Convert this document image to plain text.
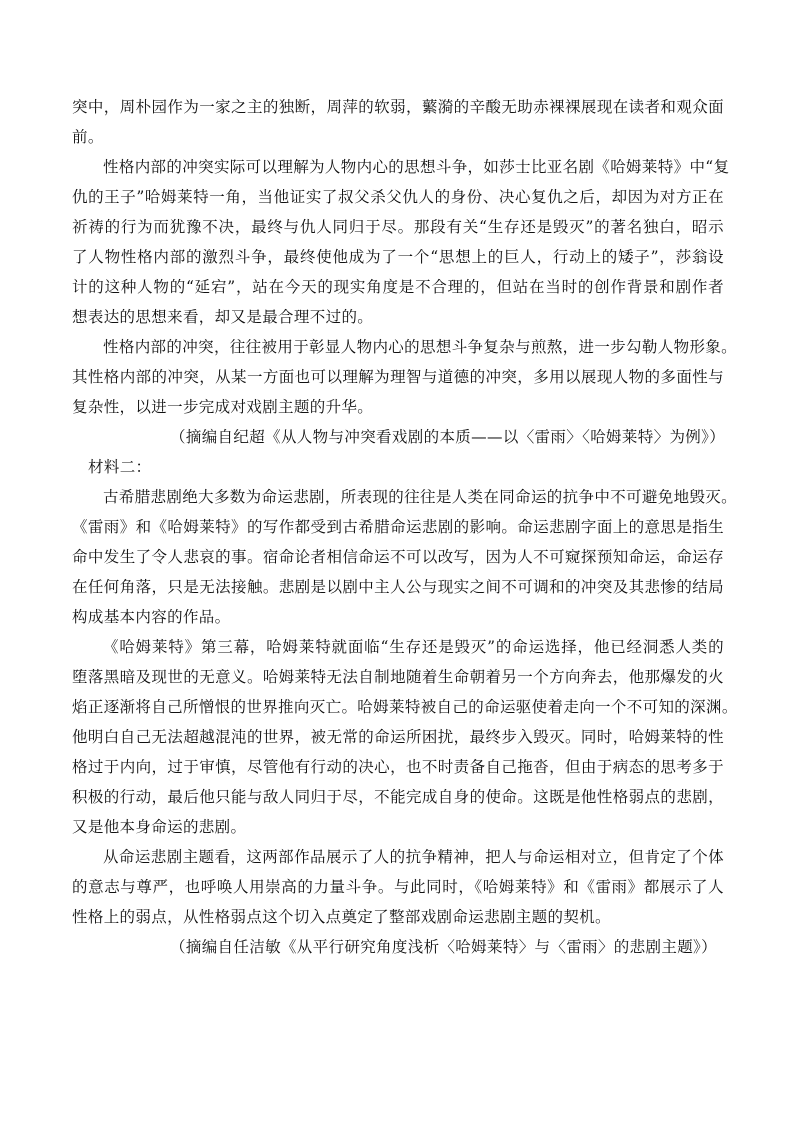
突中，周朴园作为一家之主的独断，周萍的软弱，蘩漪的辛酸无助赤裸裸展现在读者和观众面
前。
性格内部的冲突实际可以理解为人物内心的思想斗争，如莎士比亚名剧《哈姆莱特》中“复
仇的王子”哈姆莱特一角，当他证实了叔父杀父仇人的身份、决心复仇之后，却因为对方正在
祈祷的行为而犹豫不决，最终与仇人同归于尽。那段有关“生存还是毁灭”的著名独白，昭示
了人物性格内部的激烈斗争，最终使他成为了一个“思想上的巨人，行动上的矮子”，莎翁设
计的这种人物的“延宕”，站在今天的现实角度是不合理的，但站在当时的创作背景和剧作者
想表达的思想来看，却又是最合理不过的。
性格内部的冲突，往往被用于彰显人物内心的思想斗争复杂与煎熬，进一步勾勒人物形象。
其性格内部的冲突，从某一方面也可以理解为理智与道德的冲突，多用以展现人物的多面性与
复杂性，以进一步完成对戏剧主题的升华。
（摘编自纪超《从人物与冲突看戏剧的本质——以〈雷雨〉〈哈姆莱特〉为例》）
材料二：
古希腊悲剧绝大多数为命运悲剧，所表现的往往是人类在同命运的抗争中不可避免地毁灭。
《雷雨》和《哈姆莱特》的写作都受到古希腊命运悲剧的影响。命运悲剧字面上的意思是指生
命中发生了令人悲哀的事。宿命论者相信命运不可以改写，因为人不可窥探预知命运，命运存
在任何角落，只是无法接触。悲剧是以剧中主人公与现实之间不可调和的冲突及其悲惨的结局
构成基本内容的作品。
《哈姆莱特》第三幕，哈姆莱特就面临“生存还是毁灭”的命运选择，他已经洞悉人类的
堕落黑暗及现世的无意义。哈姆莱特无法自制地随着生命朝着另一个方向奔去，他那爆发的火
焰正逐渐将自己所憎恨的世界推向灭亡。哈姆莱特被自己的命运驱使着走向一个不可知的深渊。
他明白自己无法超越混沌的世界，被无常的命运所困扰，最终步入毁灭。同时，哈姆莱特的性
格过于内向，过于审慎，尽管他有行动的决心，也不时责备自己拖沓，但由于病态的思考多于
积极的行动，最后他只能与敌人同归于尽，不能完成自身的使命。这既是他性格弱点的悲剧，
又是他本身命运的悲剧。
从命运悲剧主题看，这两部作品展示了人的抗争精神，把人与命运相对立，但肯定了个体
的意志与尊严，也呼唤人用崇高的力量斗争。与此同时，《哈姆莱特》和《雷雨》都展示了人
性格上的弱点，从性格弱点这个切入点奠定了整部戏剧命运悲剧主题的契机。
（摘编自任洁敏《从平行研究角度浅析〈哈姆莱特〉与〈雷雨〉的悲剧主题》）
